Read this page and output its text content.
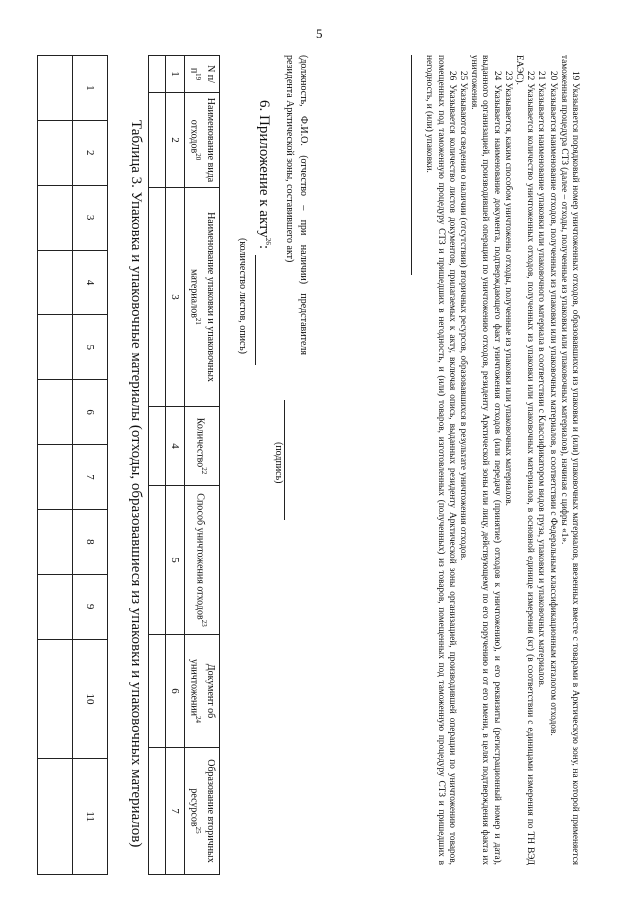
5
1	2	3	4	5	6	7	8	9	10	11
										Таблица 3. Упаковка и упаковочные материалы (отходы, образовавшиеся из упаковки и упаковочных материалов)
N $п/п^{19}$	Наименование вида отходов$^{20}$	Наименование упаковки и упаковочных материалов$^{21}$	Количество$^{22}$	Способ уничтожения отходов$^{23}$	Документ об уничтожении$^{24}$	Образование вторичных ресурсов$^{25}$
1	2	3	4	5	6	7

6. Приложение к акту$^{26}$:
(количество листов, описъ)	(должность, Ф.И.О. (отчество – при наличии) представителя резидента Арктической зоны, составившего акт)
(подпись)	19 Указывается порядковый номер уничтоженных отходов, образовавшихся из упаковки и (или) упаковочных материалов, ввезенных вместе с товарами в Арктическую зону, на которой применяется таможенная процедура СТЗ (далее – отходы, полученные из упаковки или упаковочных материалов), начиная с цифры «1».

20 Указывается наименование отходов, полученных из упаковки или упаковочных материалов, в соответствии с Федеральным классификационным каталогом отходов.

21 Указывается наименование упаковки или упаковочного материала в соответствии с Классификатором видов груза, упаковки и упаковочных материалов.

22 Указывается количество уничтоженных отходов, полученных из упаковки или упаковочных материалов, в основной единице измерения (кг) (в соответствии с единицами измерения по ТН ВЭД ЕАЭС).

23 Указывается, каким способом уничтожены отходы, полученные из упаковки или упаковочных материалов.

24 Указывается наименование документа, подтверждающего факт уничтожения отходов (или передачу (принятие) отходов к уничтожению), и его реквизиты (регистрационный номер и дата), выданного организацией, производившей операции по уничтожению отходов, резиденту Арктической зоны или лицу, действующему по его поручению и от его имени, в целях подтверждения факта их уничтожения.

25 Указываются сведения о наличии (отсутствии) вторичных ресурсов, образовавшихся в результате уничтожения отходов.

26 Указывается количество листов документов, прилагаемых к акту, включая опись, выданных резиденту Арктической зоны организацией, производившей операции по уничтожению товаров, помещенных под таможенную процедуру СТЗ и пришедших в негодность, и (или) товаров, изготовленных (полученных) из товаров, помещенных под таможенную процедуру СТЗ и пришедших в негодность, и (или) упаковки.
